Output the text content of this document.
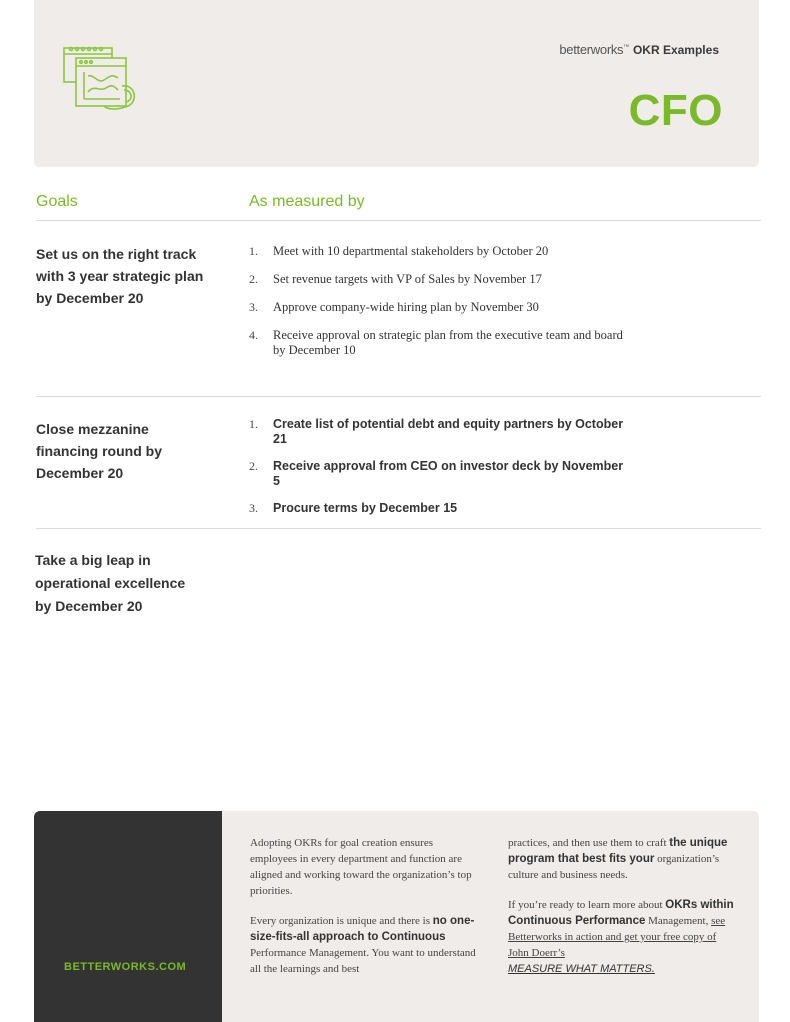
betterworks™ OKR Examples
CFO
Goals	As measured by
Set us on the right track
with 3 year strategic plan
by December 20
1.	Meet with 10 departmental stakeholders by October 20
2.	Set revenue targets with VP of Sales by November 17
3.	Approve company-wide hiring plan by November 30
4.	Receive approval on strategic plan from the executive team and board by December 10
Close mezzanine
financing round by
December 20
1.	Create list of potential debt and equity partners by October 21
2.	Receive approval from CEO on investor deck by November 5
3.	Procure terms by December 15
Take a big leap in
operational excellence
by December 20
BETTERWORKS.COM

Adopting OKRs for goal creation ensures employees in every department and function are aligned and working toward the organization’s top priorities.

Every organization is unique and there is no one-size-fits-all approach to Continuous Performance Management. You want to understand all the learnings and best

practices, and then use them to craft the unique program that best fits your organization’s culture and business needs.

If you’re ready to learn more about OKRs within Continuous Performance Management, see Betterworks in action and get your free copy of John Doerr’s
MEASURE WHAT MATTERS.
